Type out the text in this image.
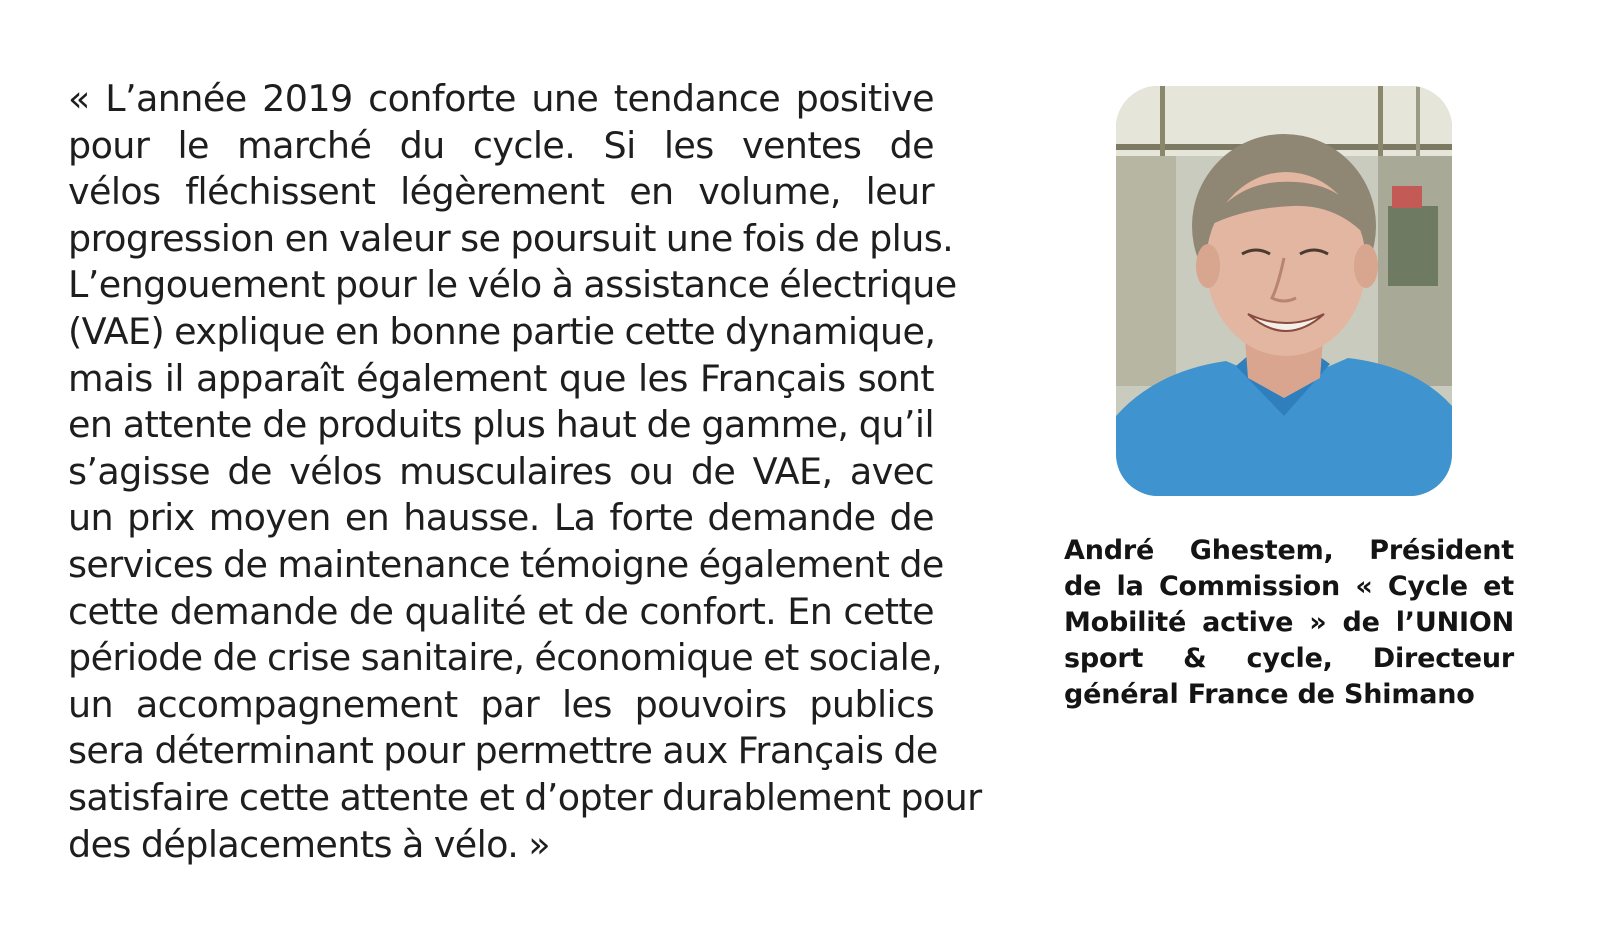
« L’année 2019 conforte une tendance positive
pour le marché du cycle. Si les ventes de
vélos fléchissent légèrement en volume, leur
progression en valeur se poursuit une fois de plus.
L’engouement pour le vélo à assistance électrique
(VAE) explique en bonne partie cette dynamique,
mais il apparaît également que les Français sont
en attente de produits plus haut de gamme, qu’il
s’agisse de vélos musculaires ou de VAE, avec
un prix moyen en hausse. La forte demande de
services de maintenance témoigne également de
cette demande de qualité et de confort. En cette
période de crise sanitaire, économique et sociale,
un accompagnement par les pouvoirs publics
sera déterminant pour permettre aux Français de
satisfaire cette attente et d’opter durablement pour
des déplacements à vélo. »
André Ghestem, Président
de la Commission « Cycle et
Mobilité active » de l’UNION
sport & cycle, Directeur
général France de Shimano
